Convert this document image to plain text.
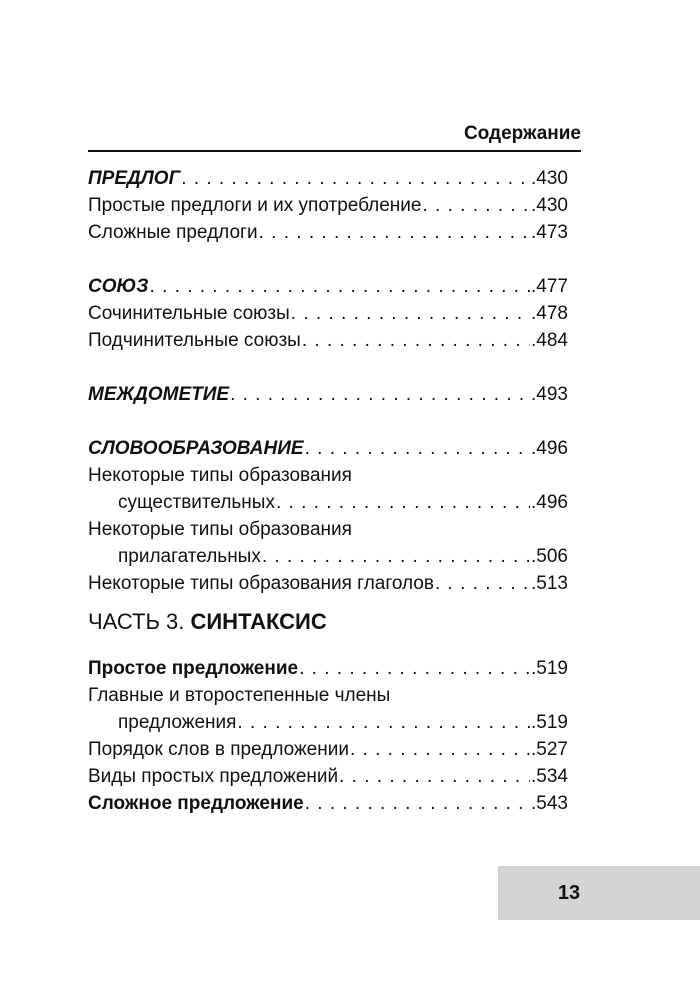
Содержание
ПРЕДЛОГ . . .	.430
Простые предлоги и их употребление . . .	.430
Сложные предлоги . . .	.473
СОЮЗ . . .	.477
Сочинительные союзы . . .	.478
Подчинительные союзы . . .	.484
МЕЖДОМЕТИЕ . . .	.493
СЛОВООБРАЗОВАНИЕ . . .	.496
Некоторые типы образования
существительных . . .	.496
Некоторые типы образования
прилагательных . . .	.506
Некоторые типы образования глаголов . . .	.513
ЧАСТЬ 3. СИНТАКСИС
Простое предложение . . .	.519
Главные и второстепенные члены
предложения . . .	.519
Порядок слов в предложении . . .	.527
Виды простых предложений . . .	.534
Сложное предложение . . .	.543
13
